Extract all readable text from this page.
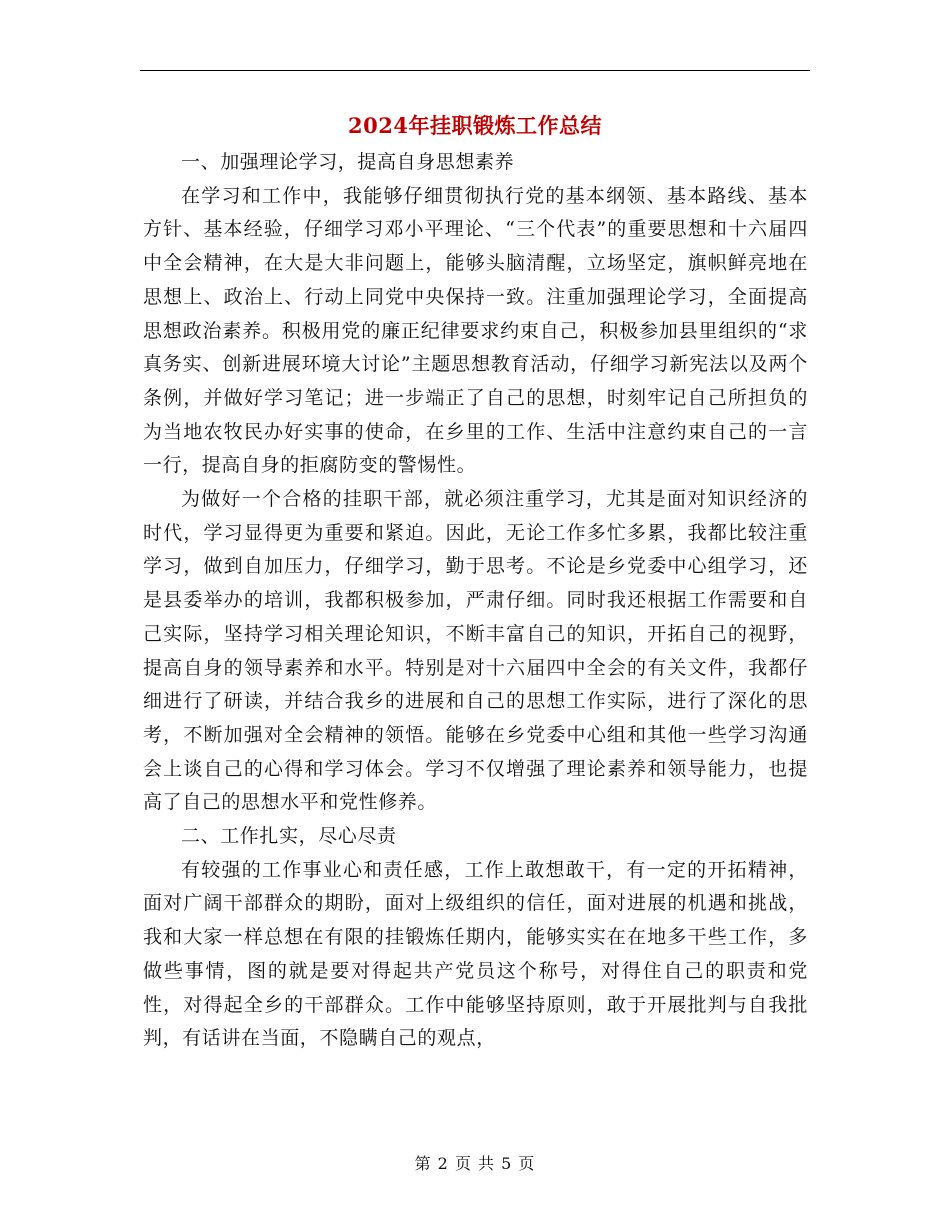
2024年挂职锻炼工作总结

一、加强理论学习，提高自身思想素养

在学习和工作中，我能够仔细贯彻执行党的基本纲领、基本路线、基本方针、基本经验，仔细学习邓小平理论、“三个代表”的重要思想和十六届四中全会精神，在大是大非问题上，能够头脑清醒，立场坚定，旗帜鲜亮地在思想上、政治上、行动上同党中央保持一致。注重加强理论学习，全面提高思想政治素养。积极用党的廉正纪律要求约束自己，积极参加县里组织的“求真务实、创新进展环境大讨论”主题思想教育活动，仔细学习新宪法以及两个条例，并做好学习笔记；进一步端正了自己的思想，时刻牢记自己所担负的为当地农牧民办好实事的使命，在乡里的工作、生活中注意约束自己的一言一行，提高自身的拒腐防变的警惕性。

为做好一个合格的挂职干部，就必须注重学习，尤其是面对知识经济的时代，学习显得更为重要和紧迫。因此，无论工作多忙多累，我都比较注重学习，做到自加压力，仔细学习，勤于思考。不论是乡党委中心组学习，还是县委举办的培训，我都积极参加，严肃仔细。同时我还根据工作需要和自己实际，坚持学习相关理论知识，不断丰富自己的知识，开拓自己的视野，提高自身的领导素养和水平。特别是对十六届四中全会的有关文件，我都仔细进行了研读，并结合我乡的进展和自己的思想工作实际，进行了深化的思考，不断加强对全会精神的领悟。能够在乡党委中心组和其他一些学习沟通会上谈自己的心得和学习体会。学习不仅增强了理论素养和领导能力，也提高了自己的思想水平和党性修养。

二、工作扎实，尽心尽责

有较强的工作事业心和责任感，工作上敢想敢干，有一定的开拓精神，面对广阔干部群众的期盼，面对上级组织的信任，面对进展的机遇和挑战，我和大家一样总想在有限的挂锻炼任期内，能够实实在在地多干些工作，多做些事情，图的就是要对得起共产党员这个称号，对得住自己的职责和党性，对得起全乡的干部群众。工作中能够坚持原则，敢于开展批判与自我批判，有话讲在当面，不隐瞒自己的观点，

第 2 页 共 5 页
